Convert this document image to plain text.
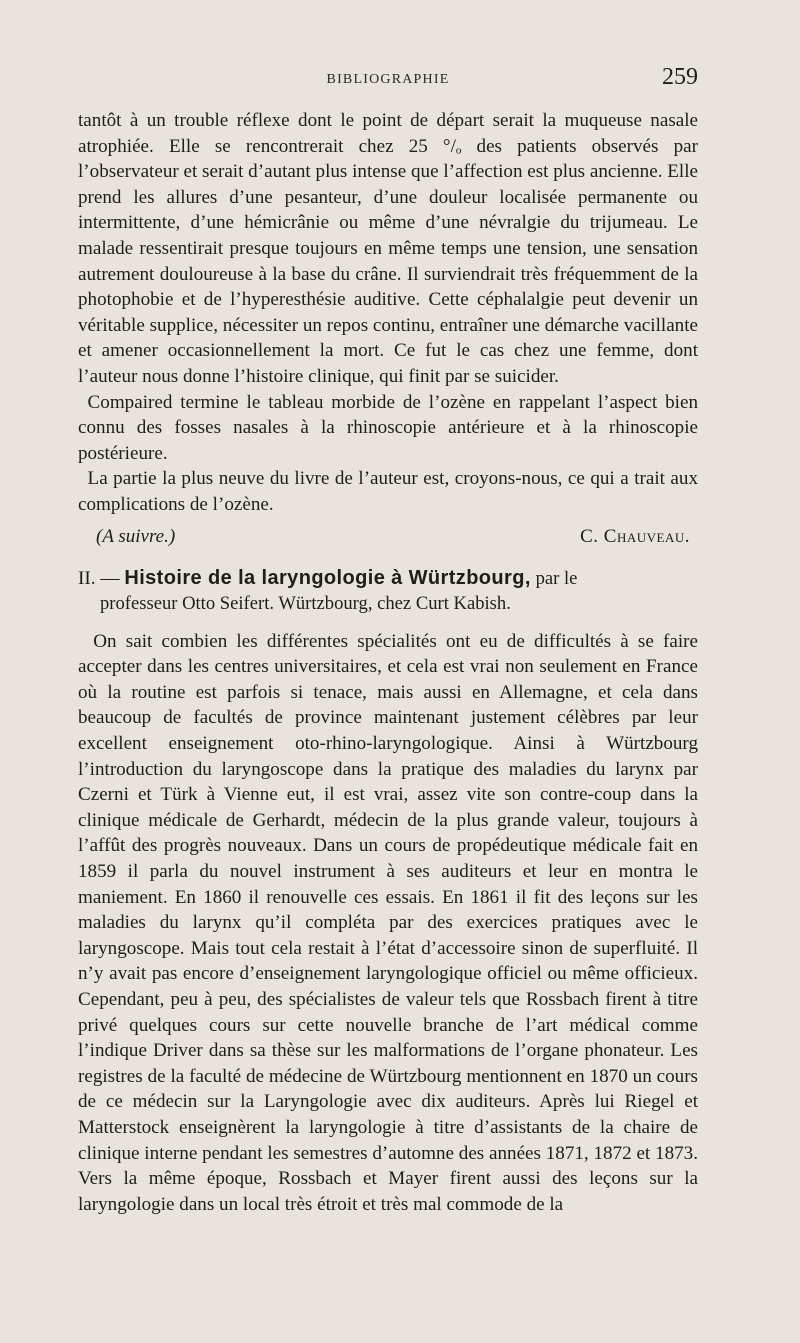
BIBLIOGRAPHIE	259

tantôt à un trouble réflexe dont le point de départ serait la muqueuse nasale atrophiée. Elle se rencontrerait chez 25 °/ₒ des patients observés par l’observateur et serait d’autant plus intense que l’affection est plus ancienne. Elle prend les allures d’une pesanteur, d’une douleur localisée permanente ou intermittente, d’une hémicrânie ou même d’une névralgie du trijumeau. Le malade ressentirait presque toujours en même temps une tension, une sensation autrement douloureuse à la base du crâne. Il surviendrait très fréquemment de la photophobie et de l’hyperesthésie auditive. Cette céphalalgie peut devenir un véritable supplice, nécessiter un repos continu, entraîner une démarche vacillante et amener occasionnellement la mort. Ce fut le cas chez une femme, dont l’auteur nous donne l’histoire clinique, qui finit par se suicider.

Compaired termine le tableau morbide de l’ozène en rappelant l’aspect bien connu des fosses nasales à la rhinoscopie antérieure et à la rhinoscopie postérieure.

La partie la plus neuve du livre de l’auteur est, croyons-nous, ce qui a trait aux complications de l’ozène.

(A suivre.)	C. Chauveau.
II. — Histoire de la laryngologie à Würtzbourg, par le
professeur Otto Seifert. Würtzbourg, chez Curt Kabish.

On sait combien les différentes spécialités ont eu de difficultés à se faire accepter dans les centres universitaires, et cela est vrai non seulement en France où la routine est parfois si tenace, mais aussi en Allemagne, et cela dans beaucoup de facultés de province maintenant justement célèbres par leur excellent enseignement oto-rhino-laryngologique. Ainsi à Würtzbourg l’introduction du laryngoscope dans la pratique des maladies du larynx par Czerni et Türk à Vienne eut, il est vrai, assez vite son contre-coup dans la clinique médicale de Gerhardt, médecin de la plus grande valeur, toujours à l’affût des progrès nouveaux. Dans un cours de propédeutique médicale fait en 1859 il parla du nouvel instrument à ses auditeurs et leur en montra le maniement. En 1860 il renouvelle ces essais. En 1861 il fit des leçons sur les maladies du larynx qu’il compléta par des exercices pratiques avec le laryngoscope. Mais tout cela restait à l’état d’accessoire sinon de superfluité. Il n’y avait pas encore d’enseignement laryngologique officiel ou même officieux. Cependant, peu à peu, des spécialistes de valeur tels que Rossbach firent à titre privé quelques cours sur cette nouvelle branche de l’art médical comme l’indique Driver dans sa thèse sur les malformations de l’organe phonateur. Les registres de la faculté de médecine de Würtzbourg mentionnent en 1870 un cours de ce médecin sur la Laryngologie avec dix auditeurs. Après lui Riegel et Matterstock enseignèrent la laryngologie à titre d’assistants de la chaire de clinique interne pendant les semestres d’automne des années 1871, 1872 et 1873. Vers la même époque, Rossbach et Mayer firent aussi des leçons sur la laryngologie dans un local très étroit et très mal commode de la
